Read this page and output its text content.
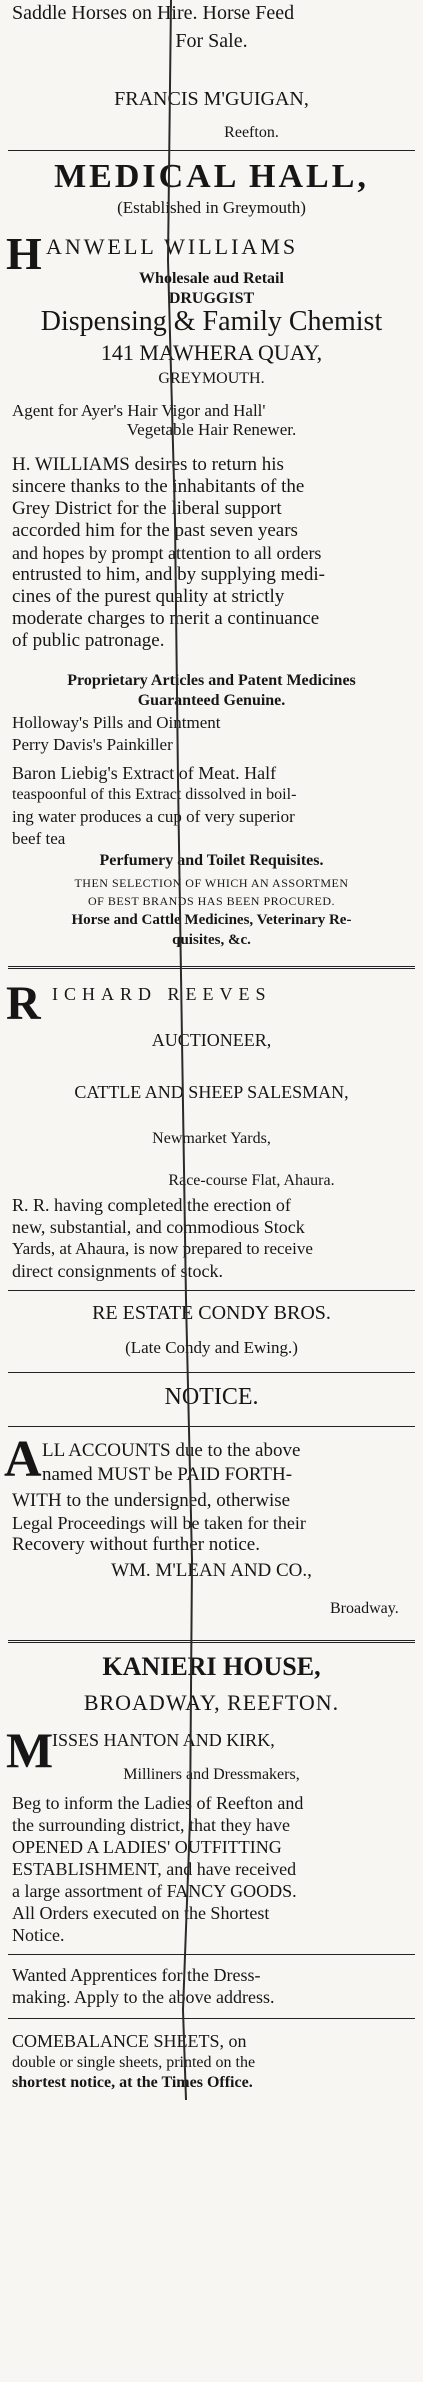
Saddle Horses on Hire. Horse Feed
For Sale.
FRANCIS M'GUIGAN,
Reefton.
MEDICAL HALL,
(Established in Greymouth)
H ANWELL WILLIAMS
Wholesale aud Retail
DRUGGIST
Dispensing & Family Chemist
141 MAWHERA QUAY,
GREYMOUTH.
Agent for Ayer's Hair Vigor and Hall'
Vegetable Hair Renewer.
H. WILLIAMS desires to return his
sincere thanks to the inhabitants of the
Grey District for the liberal support
accorded him for the past seven years
and hopes by prompt attention to all orders
entrusted to him, and by supplying medi-
cines of the purest quality at strictly
moderate charges to merit a continuance
of public patronage.
Proprietary Articles and Patent Medicines
Guaranteed Genuine.
Holloway's Pills and Ointment
Perry Davis's Painkiller
Baron Liebig's Extract of Meat. Half
teaspoonful of this Extract dissolved in boil-
ing water produces a cup of very superior
beef tea
Perfumery and Toilet Requisites.
THEN SELECTION OF WHICH AN ASSORTMEN
OF BEST BRANDS HAS BEEN PROCURED.
Horse and Cattle Medicines, Veterinary Re-
quisites, &c.
R ICHARD REEVES
AUCTIONEER,
CATTLE AND SHEEP SALESMAN,
Newmarket Yards,
Race-course Flat, Ahaura.
R. R. having completed the erection of
new, substantial, and commodious Stock
Yards, at Ahaura, is now prepared to receive
direct consignments of stock.
RE ESTATE CONDY BROS.
(Late Condy and Ewing.)
NOTICE.
A LL ACCOUNTS due to the above
named MUST be PAID FORTH-
WITH to the undersigned, otherwise
Legal Proceedings will be taken for their
Recovery without further notice.
WM. M'LEAN AND CO.,
Broadway.
KANIERI HOUSE,
BROADWAY, REEFTON.
M
ISSES HANTON AND KIRK,
Milliners and Dressmakers,
Beg to inform the Ladies of Reefton and
the surrounding district, that they have
OPENED A LADIES' OUTFITTING
ESTABLISHMENT, and have received
a large assortment of FANCY GOODS.
All Orders executed on the Shortest
Notice.
Wanted Apprentices for the Dress-
making. Apply to the above address.
COMEBALANCE SHEETS, on
double or single sheets, printed on the
shortest notice, at the Times Office.
